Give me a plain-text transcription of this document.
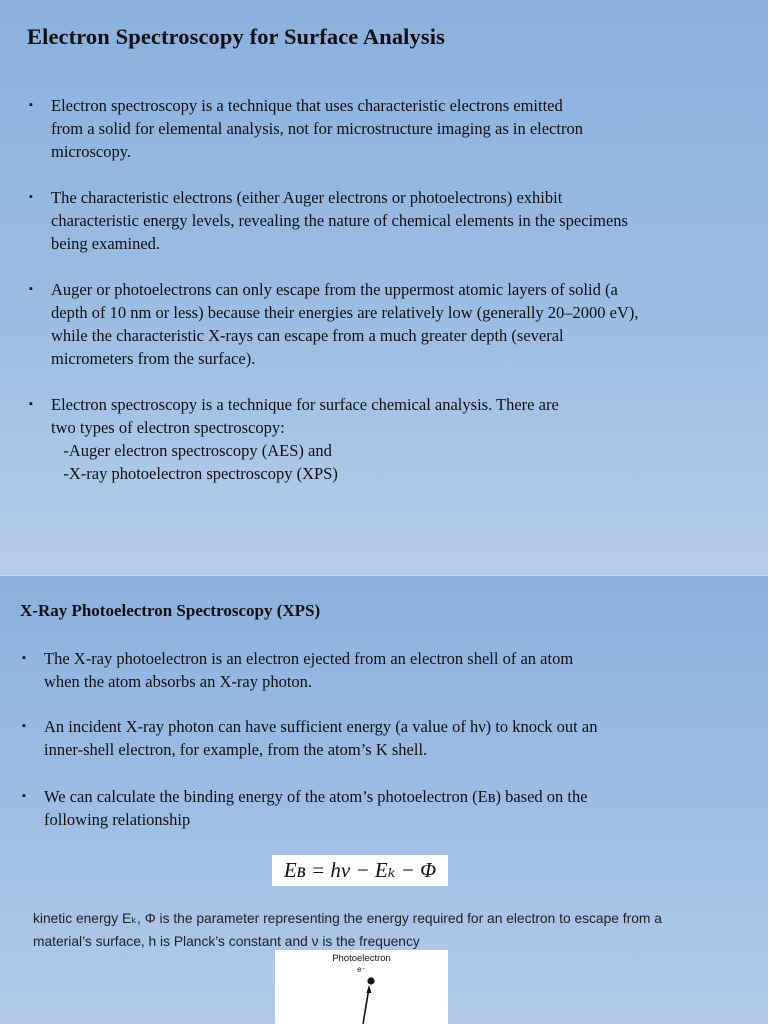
Electron Spectroscopy for Surface Analysis
▪ Electron spectroscopy is a technique that uses characteristic electrons emitted
from a solid for elemental analysis, not for microstructure imaging as in electron
microscopy.
▪ The characteristic electrons (either Auger electrons or photoelectrons) exhibit
characteristic energy levels, revealing the nature of chemical elements in the specimens
being examined.
▪ Auger or photoelectrons can only escape from the uppermost atomic layers of solid (a
depth of 10 nm or less) because their energies are relatively low (generally 20–2000 eV),
while the characteristic X-rays can escape from a much greater depth (several
micrometers from the surface).
▪ Electron spectroscopy is a technique for surface chemical analysis. There are
two types of electron spectroscopy:
-Auger electron spectroscopy (AES) and
-X-ray photoelectron spectroscopy (XPS)
X-Ray Photoelectron Spectroscopy (XPS)
▪ The X-ray photoelectron is an electron ejected from an electron shell of an atom
when the atom absorbs an X-ray photon.
▪ An incident X-ray photon can have sufficient energy (a value of hν) to knock out an
inner-shell electron, for example, from the atom’s K shell.
▪ We can calculate the binding energy of the atom’s photoelectron (Eʙ) based on the
following relationship
Eʙ = hν − Eₖ − Φ
kinetic energy Eₖ, Φ is the parameter representing the energy required for an electron to escape from a
material’s surface, h is Planck’s constant and ν is the frequency
Photoelectron
e⁻
